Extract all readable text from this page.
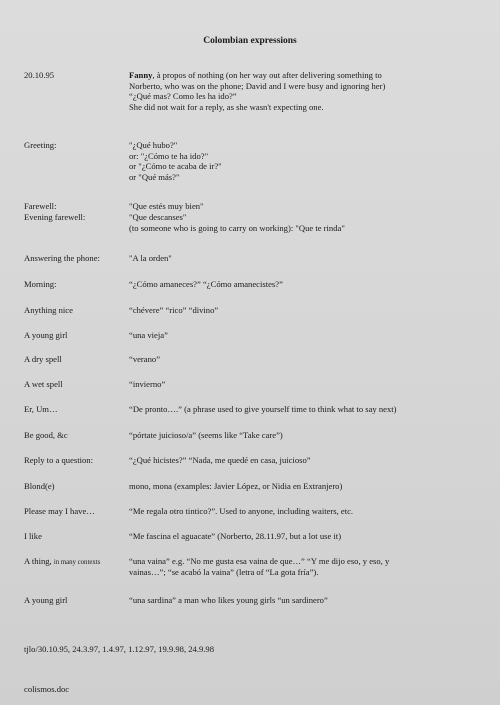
Colombian expressions
20.10.95	Fanny, à propos of nothing (on her way out after delivering something to
Norberto, who was on the phone; David and I were busy and ignoring her)
“¿Qué mas? Como les ha ido?”
She did not wait for a reply, as she wasn't expecting one.
Greeting:	"¿Qué hubo?"
or: "¿Cómo te ha ido?"
or "¿Cómo te acaba de ir?"
or "Qué más?"
Farewell:	"Que estés muy bien"
Evening farewell:	"Que descanses"
(to someone who is going to carry on working): "Que te rinda"
Answering the phone:	"A la orden"
Morning:	“¿Cómo amaneces?” “¿Cómo amanecistes?”
Anything nice	“chévere” “rico” “divino”
A young girl	“una vieja”
A dry spell	“verano”
A wet spell	“invierno”
Er, Um…	“De pronto….” (a phrase used to give yourself time to think what to say next)
Be good, &c	“pórtate juicioso/a” (seems like “Take care”)
Reply to a question:	“¿Qué hicistes?” “Nada, me quedé en casa, juicioso”
Blond(e)	mono, mona (examples: Javier López, or Nidia en Extranjero)
Please may I have…	“Me regala otro tintico?”. Used to anyone, including waiters, etc.
I like	“Me fascina el aguacate” (Norberto, 28.11.97, but a lot use it)
A thing, in many contexts	“una vaina” e.g. “No me gusta esa vaina de que…” “Y me dijo eso, y eso, y
vainas…”; “se acabó la vaina” (letra of “La gota fría”).
A young girl	“una sardina” a man who likes young girls “un sardinero”
tjlo/30.10.95, 24.3.97, 1.4.97, 1.12.97, 19.9.98, 24.9.98
colismos.doc
